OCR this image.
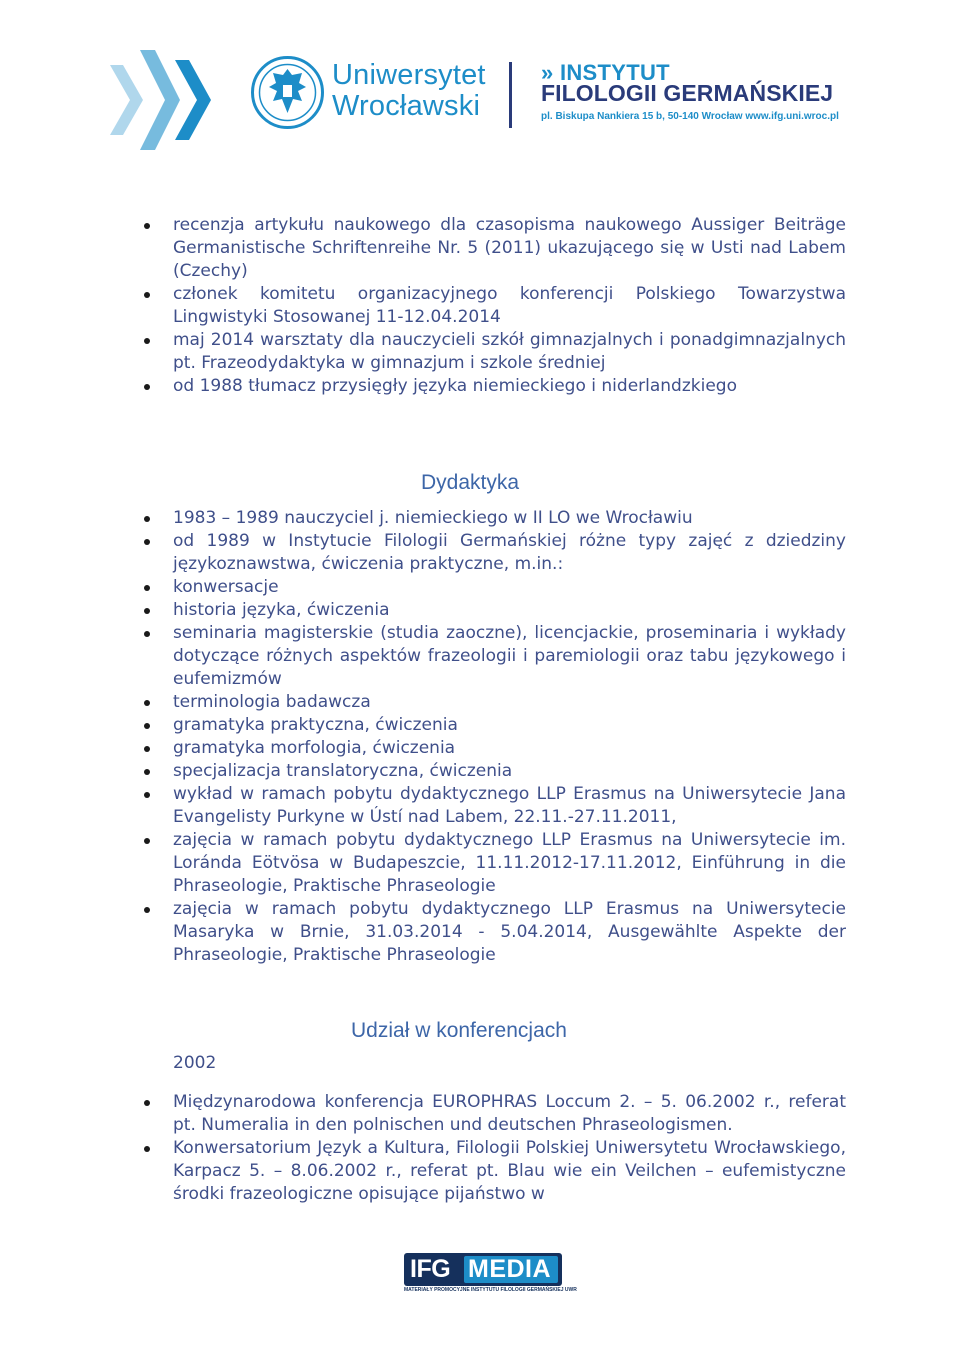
Uniwersytet
Wrocławski
» INSTYTUT
FILOLOGII GERMAŃSKIEJ
pl. Biskupa Nankiera 15 b, 50-140 Wrocław www.ifg.uni.wroc.pl
recenzja artykułu naukowego dla czasopisma naukowego Aussiger Beiträge Germanistische Schriftenreihe Nr. 5 (2011) ukazującego się w Usti nad Labem (Czechy)
członek komitetu organizacyjnego konferencji Polskiego Towarzystwa Lingwistyki Stosowanej 11-12.04.2014
maj 2014 warsztaty dla nauczycieli szkół gimnazjalnych i ponadgimnazjalnych pt. Frazeodydaktyka w gimnazjum i szkole średniej
od 1988 tłumacz przysięgły języka niemieckiego i niderlandzkiego
Dydaktyka
1983 – 1989 nauczyciel j. niemieckiego w II LO we Wrocławiu
od 1989 w Instytucie Filologii Germańskiej różne typy zajęć z dziedziny językoznawstwa, ćwiczenia praktyczne, m.in.:
konwersacje
historia języka, ćwiczenia
seminaria magisterskie (studia zaoczne), licencjackie, proseminaria i wykłady dotyczące różnych aspektów frazeologii i paremiologii oraz tabu językowego i eufemizmów
terminologia badawcza
gramatyka praktyczna, ćwiczenia
gramatyka morfologia, ćwiczenia
specjalizacja translatoryczna, ćwiczenia
wykład w ramach pobytu dydaktycznego LLP Erasmus na Uniwersytecie Jana Evangelisty Purkyne w Ústí nad Labem, 22.11.-27.11.2011,
zajęcia w ramach pobytu dydaktycznego LLP Erasmus na Uniwersytecie im. Loránda Eötvösa w Budapeszcie, 11.11.2012-17.11.2012, Einführung in die Phraseologie, Praktische Phraseologie
zajęcia w ramach pobytu dydaktycznego LLP Erasmus na Uniwersytecie Masaryka w Brnie, 31.03.2014 - 5.04.2014, Ausgewählte Aspekte der Phraseologie, Praktische Phraseologie
Udział w konferencjach
2002
Międzynarodowa konferencja EUROPHRAS Loccum 2. – 5. 06.2002 r., referat pt. Numeralia in den polnischen und deutschen Phraseologismen.
Konwersatorium Język a Kultura, Filologii Polskiej Uniwersytetu Wrocławskiego, Karpacz 5. – 8.06.2002 r., referat pt. Blau wie ein Veilchen – eufemistyczne środki frazeologiczne opisujące pijaństwo w
IFG MEDIA
MATERIAŁY PROMOCYJNE INSTYTUTU FILOLOGII GERMAŃSKIEJ UWR
